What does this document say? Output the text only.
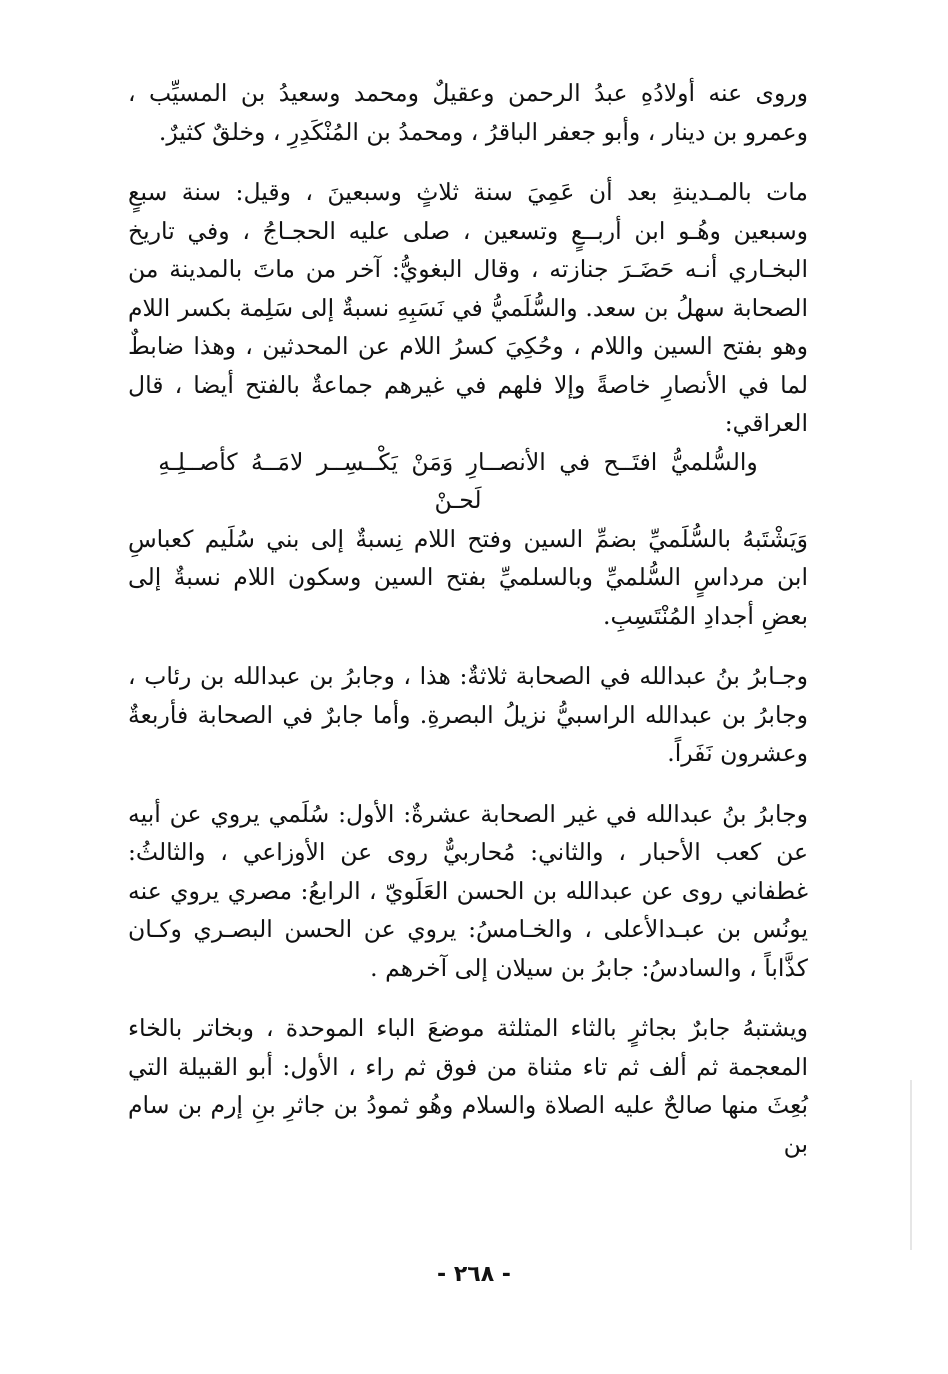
وروى عنه أولادُهِ عبدُ الرحمن وعقيلٌ ومحمد وسعيدُ بن المسيِّب ، وعمرو بن دينار ، وأبو جعفر الباقرُ ، ومحمدُ بن المُنْكَدِرِ ، وخلقٌ كثيرٌ.

مات بالمـدينةِ بعد أن عَمِيَ سنة ثلاثٍ وسبعينَ ، وقيل: سنة سبعٍ وسبعين وهُـو ابن أربــعٍ وتسعين ، صلى عليه الحجـاجُ ، وفي تاريخ البخـاري أنـه حَضَـرَ جنازته ، وقال البغويُّ: آخر من ماتَ بالمدينة من الصحابة سهلُ بن سعد. والسُّلَميُّ في نَسَبِهِ نسبةٌ إلى سَلِمة بكسر اللام وهو بفتح السين واللام ، وحُكِيَ كسرُ اللام عن المحدثين ، وهذا ضابطٌ لما في الأنصارِ خاصةً وإلا فلهم في غيرهم جماعةٌ بالفتح أيضا ، قال العراقي:

والسُّلميُّ افتَــح في الأنصــارِ وَمَنْ يَكْــسِــر لامَــهُ كأصــلِـهِ لَحـنْ

وَيَشْتَبهُ بالسُّلَميِّ بضمِّ السين وفتح اللام نِسبةٌ إلى بني سُلَيم كعباسِ ابن مرداسٍ السُّلميِّ وبالسلميِّ بفتح السين وسكون اللام نسبةٌ إلى بعضِ أجدادِ المُنْتَسِبِ.

وجـابرُ بنُ عبدالله في الصحابة ثلاثةٌ: هذا ، وجابرُ بن عبدالله بن رئاب ، وجابرُ بن عبدالله الراسبيُّ نزيلُ البصرةِ. وأما جابرٌ في الصحابة فأربعةٌ وعشرون نَفَراً.

وجابرُ بنُ عبدالله في غير الصحابة عشرةٌ: الأول: سُلَمي يروي عن أبيه عن كعب الأحبار ، والثاني: مُحاربيٌّ روى عن الأوزاعي ، والثالثُ: غطفاني روى عن عبدالله بن الحسن العَلَويّ ، الرابعُ: مصري يروي عنه يونُس بن عبـدالأعلى ، والخـامسُ: يروي عن الحسن البصـري وكـان كذَّاباً ، والسادسُ: جابرُ بن سيلان إلى آخرهم .

ويشتبهُ جابرٌ بجاثرٍ بالثاء المثلثة موضعَ الباء الموحدة ، وبخاتر بالخاء المعجمة ثم ألف ثم تاء مثناة من فوق ثم راء ، الأول: أبو القبيلة التي بُعِثَ منها صالحٌ عليه الصلاة والسلام وهُو ثمودُ بن جاثرِ بنِ إرم بن سام بن

- ٢٦٨ -
